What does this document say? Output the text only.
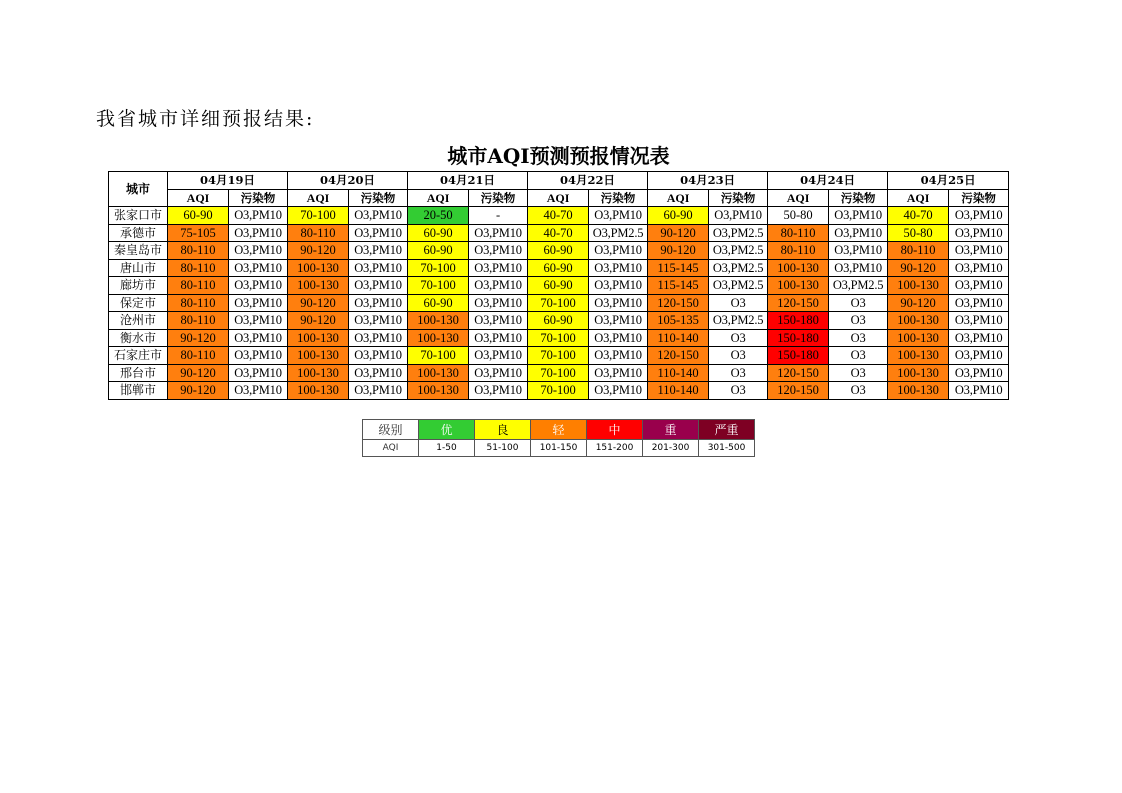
我省城市详细预报结果:
城市AQI预测预报情况表
城市	04月19日		04月20日		04月21日		04月22日		04月23日		04月24日		04月25日	
	AQI	污染物	AQI	污染物	AQI	污染物	AQI	污染物	AQI	污染物	AQI	污染物	AQI	污染物
张家口市	60-90	O3,PM10	70-100	O3,PM10	20-50	-	40-70	O3,PM10	60-90	O3,PM10	50-80	O3,PM10	40-70	O3,PM10
承德市	75-105	O3,PM10	80-110	O3,PM10	60-90	O3,PM10	40-70	O3,PM2.5	90-120	O3,PM2.5	80-110	O3,PM10	50-80	O3,PM10
秦皇岛市	80-110	O3,PM10	90-120	O3,PM10	60-90	O3,PM10	60-90	O3,PM10	90-120	O3,PM2.5	80-110	O3,PM10	80-110	O3,PM10
唐山市	80-110	O3,PM10	100-130	O3,PM10	70-100	O3,PM10	60-90	O3,PM10	115-145	O3,PM2.5	100-130	O3,PM10	90-120	O3,PM10
廊坊市	80-110	O3,PM10	100-130	O3,PM10	70-100	O3,PM10	60-90	O3,PM10	115-145	O3,PM2.5	100-130	O3,PM2.5	100-130	O3,PM10
保定市	80-110	O3,PM10	90-120	O3,PM10	60-90	O3,PM10	70-100	O3,PM10	120-150	O3	120-150	O3	90-120	O3,PM10
沧州市	80-110	O3,PM10	90-120	O3,PM10	100-130	O3,PM10	60-90	O3,PM10	105-135	O3,PM2.5	150-180	O3	100-130	O3,PM10
衡水市	90-120	O3,PM10	100-130	O3,PM10	100-130	O3,PM10	70-100	O3,PM10	110-140	O3	150-180	O3	100-130	O3,PM10
石家庄市	80-110	O3,PM10	100-130	O3,PM10	70-100	O3,PM10	70-100	O3,PM10	120-150	O3	150-180	O3	100-130	O3,PM10
邢台市	90-120	O3,PM10	100-130	O3,PM10	100-130	O3,PM10	70-100	O3,PM10	110-140	O3	120-150	O3	100-130	O3,PM10
邯郸市	90-120	O3,PM10	100-130	O3,PM10	100-130	O3,PM10	70-100	O3,PM10	110-140	O3	120-150	O3	100-130	O3,PM10
级别	优	良	轻	中	重	严重
AQI	1-50	51-100	101-150	151-200	201-300	301-500
